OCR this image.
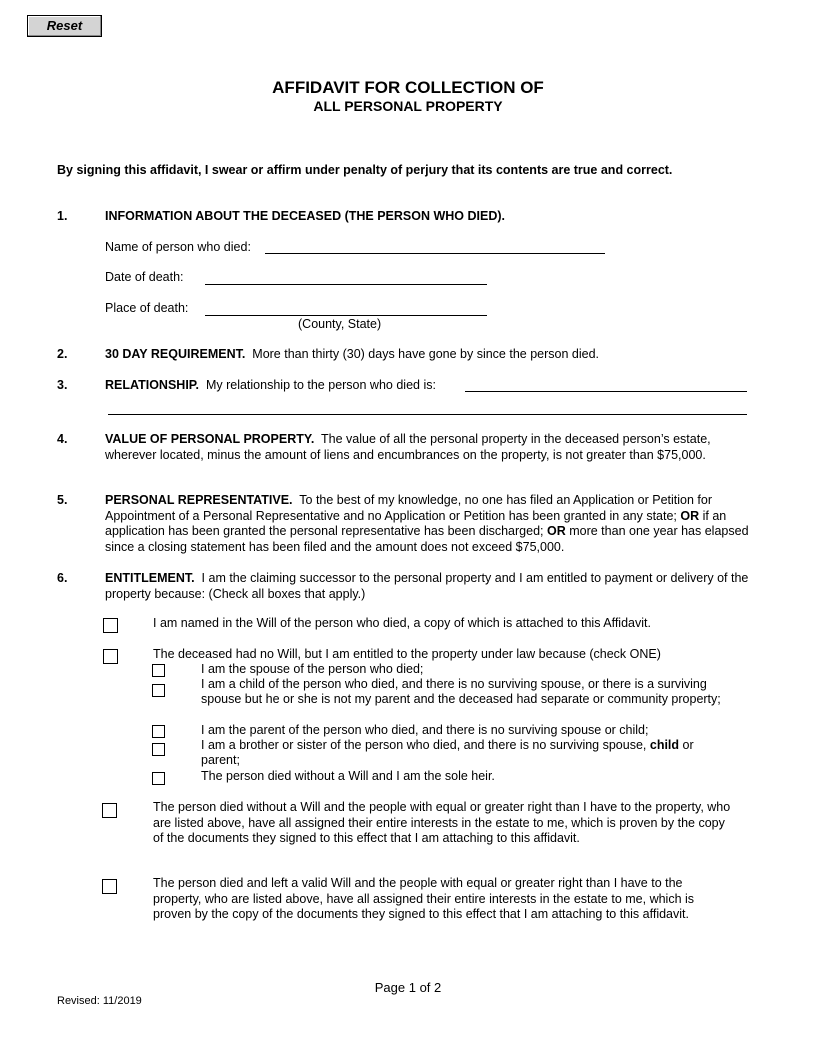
Reset
AFFIDAVIT FOR COLLECTION OF
ALL PERSONAL PROPERTY
By signing this affidavit, I swear or affirm under penalty of perjury that its contents are true and correct.
1.	INFORMATION ABOUT THE DECEASED (THE PERSON WHO DIED).
Name of person who died:
Date of death:
Place of death:
(County, State)
2.	30 DAY REQUIREMENT. More than thirty (30) days have gone by since the person died.
3.	RELATIONSHIP. My relationship to the person who died is:
4.	VALUE OF PERSONAL PROPERTY. The value of all the personal property in the deceased person’s estate, wherever located, minus the amount of liens and encumbrances on the property, is not greater than $75,000.
5.	PERSONAL REPRESENTATIVE. To the best of my knowledge, no one has filed an Application or Petition for Appointment of a Personal Representative and no Application or Petition has been granted in any state; OR if an application has been granted the personal representative has been discharged; OR more than one year has elapsed since a closing statement has been filed and the amount does not exceed $75,000.
6.	ENTITLEMENT. I am the claiming successor to the personal property and I am entitled to payment or delivery of the property because: (Check all boxes that apply.)
I am named in the Will of the person who died, a copy of which is attached to this Affidavit.
The deceased had no Will, but I am entitled to the property under law because (check ONE)
I am the spouse of the person who died;
I am a child of the person who died, and there is no surviving spouse, or there is a surviving spouse but he or she is not my parent and the deceased had separate or community property;
I am the parent of the person who died, and there is no surviving spouse or child;
I am a brother or sister of the person who died, and there is no surviving spouse, child or parent;
The person died without a Will and I am the sole heir.
The person died without a Will and the people with equal or greater right than I have to the property, who are listed above, have all assigned their entire interests in the estate to me, which is proven by the copy of the documents they signed to this effect that I am attaching to this affidavit.
The person died and left a valid Will and the people with equal or greater right than I have to the property, who are listed above, have all assigned their entire interests in the estate to me, which is proven by the copy of the documents they signed to this effect that I am attaching to this affidavit.
Page 1 of 2
Revised: 11/2019
